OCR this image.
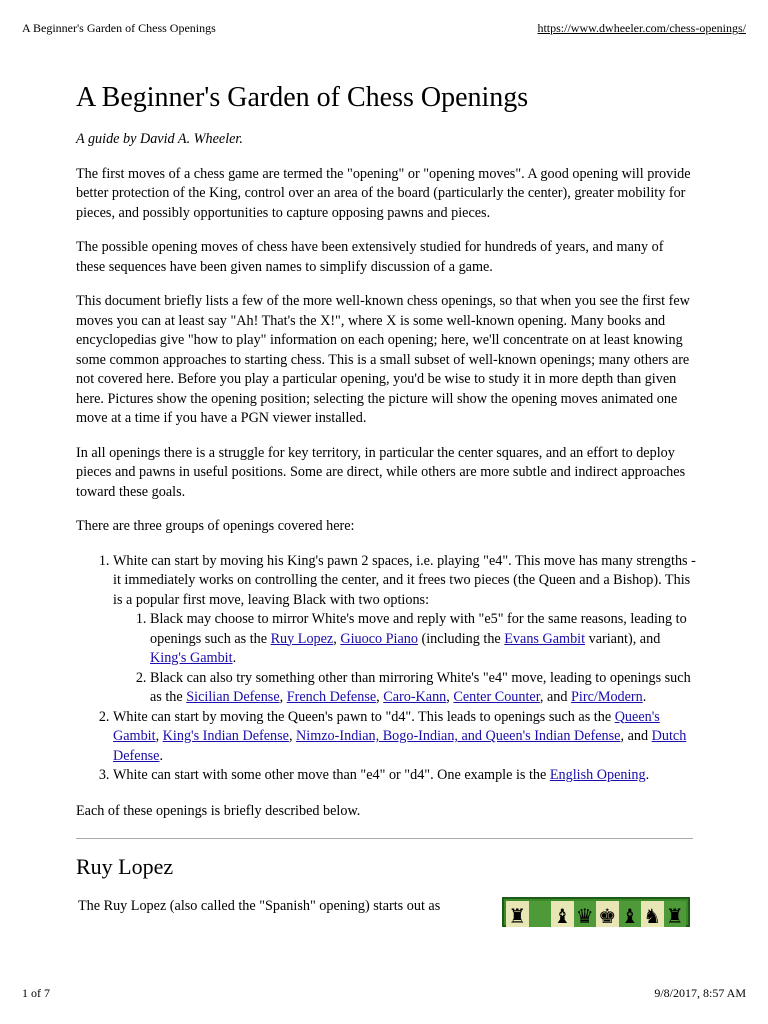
A Beginner's Garden of Chess Openings	https://www.dwheeler.com/chess-openings/
A Beginner's Garden of Chess Openings

A guide by David A. Wheeler.

The first moves of a chess game are termed the "opening" or "opening moves". A good opening will provide better protection of the King, control over an area of the board (particularly the center), greater mobility for pieces, and possibly opportunities to capture opposing pawns and pieces.

The possible opening moves of chess have been extensively studied for hundreds of years, and many of these sequences have been given names to simplify discussion of a game.

This document briefly lists a few of the more well-known chess openings, so that when you see the first few moves you can at least say "Ah! That's the X!", where X is some well-known opening. Many books and encyclopedias give "how to play" information on each opening; here, we'll concentrate on at least knowing some common approaches to starting chess. This is a small subset of well-known openings; many others are not covered here. Before you play a particular opening, you'd be wise to study it in more depth than given here. Pictures show the opening position; selecting the picture will show the opening moves animated one move at a time if you have a PGN viewer installed.

In all openings there is a struggle for key territory, in particular the center squares, and an effort to deploy pieces and pawns in useful positions. Some are direct, while others are more subtle and indirect approaches toward these goals.

There are three groups of openings covered here:

1. White can start by moving his King's pawn 2 spaces, i.e. playing "e4". This move has many strengths - it immediately works on controlling the center, and it frees two pieces (the Queen and a Bishop). This is a popular first move, leaving Black with two options:
1. Black may choose to mirror White's move and reply with "e5" for the same reasons, leading to openings such as the Ruy Lopez, Giuoco Piano (including the Evans Gambit variant), and King's Gambit.
2. Black can also try something other than mirroring White's "e4" move, leading to openings such as the Sicilian Defense, French Defense, Caro-Kann, Center Counter, and Pirc/Modern.
2. White can start by moving the Queen's pawn to "d4". This leads to openings such as the Queen's Gambit, King's Indian Defense, Nimzo-Indian, Bogo-Indian, and Queen's Indian Defense, and Dutch Defense.
3. White can start with some other move than "e4" or "d4". One example is the English Opening.

Each of these openings is briefly described below.

Ruy Lopez

The Ruy Lopez (also called the "Spanish" opening) starts out as	♜ ♝ ♛ ♚ ♝ ♞ ♜
1 of 7	9/8/2017, 8:57 AM
